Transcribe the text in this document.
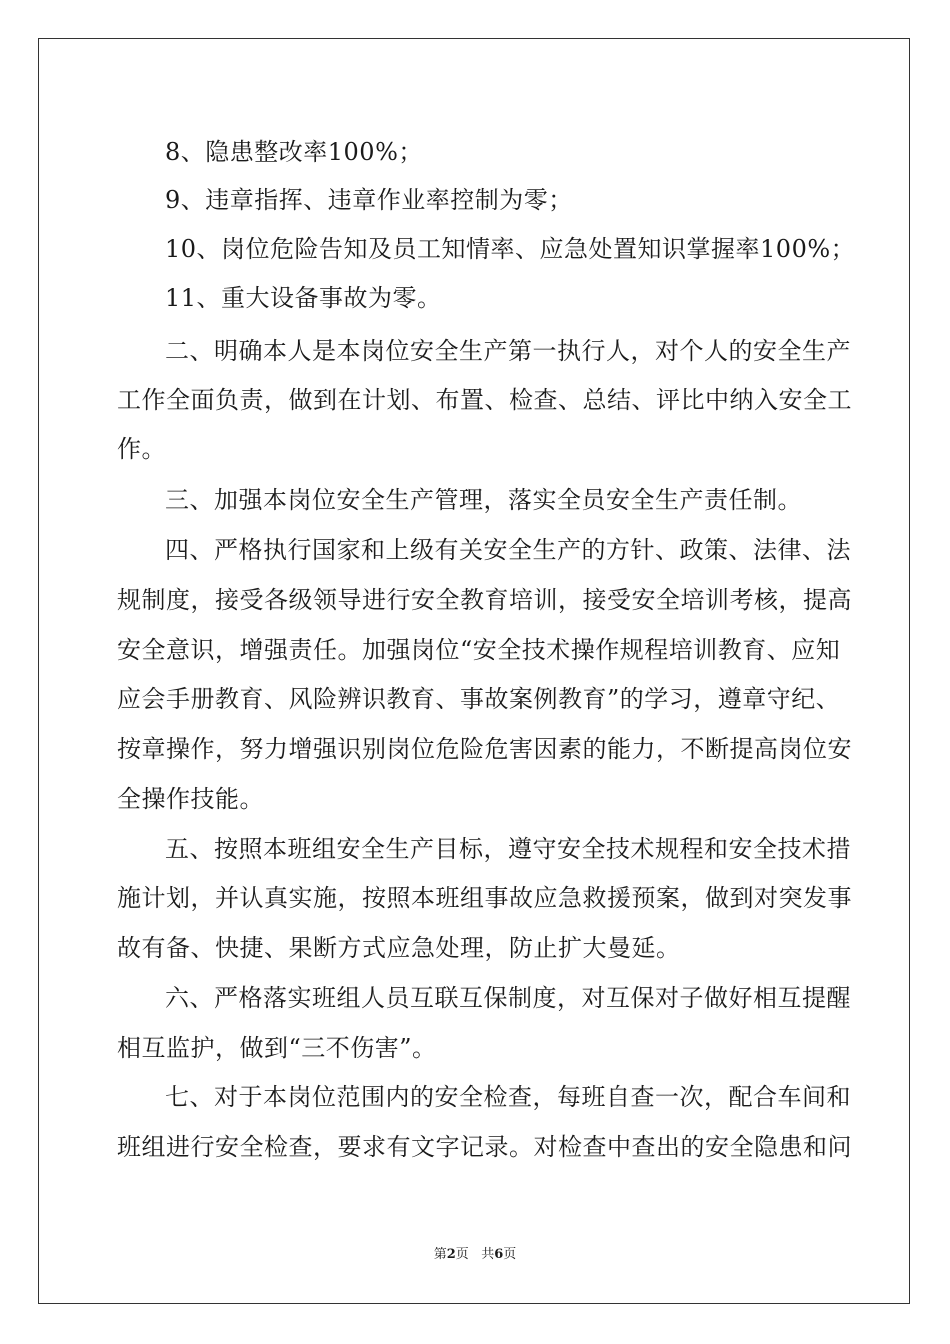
8、隐患整改率100%；
9、违章指挥、违章作业率控制为零；
10、岗位危险告知及员工知情率、应急处置知识掌握率100%；
11、重大设备事故为零。
二、明确本人是本岗位安全生产第一执行人，对个人的安全生产
工作全面负责，做到在计划、布置、检查、总结、评比中纳入安全工
作。
三、加强本岗位安全生产管理，落实全员安全生产责任制。
四、严格执行国家和上级有关安全生产的方针、政策、法律、法
规制度，接受各级领导进行安全教育培训，接受安全培训考核，提高
安全意识，增强责任。加强岗位“安全技术操作规程培训教育、应知
应会手册教育、风险辨识教育、事故案例教育”的学习，遵章守纪、
按章操作，努力增强识别岗位危险危害因素的能力，不断提高岗位安
全操作技能。
五、按照本班组安全生产目标，遵守安全技术规程和安全技术措
施计划，并认真实施，按照本班组事故应急救援预案，做到对突发事
故有备、快捷、果断方式应急处理，防止扩大曼延。
六、严格落实班组人员互联互保制度，对互保对子做好相互提醒
相互监护，做到“三不伤害”。
七、对于本岗位范围内的安全检查，每班自查一次，配合车间和
班组进行安全检查，要求有文字记录。对检查中查出的安全隐患和问
第2页 共6页
